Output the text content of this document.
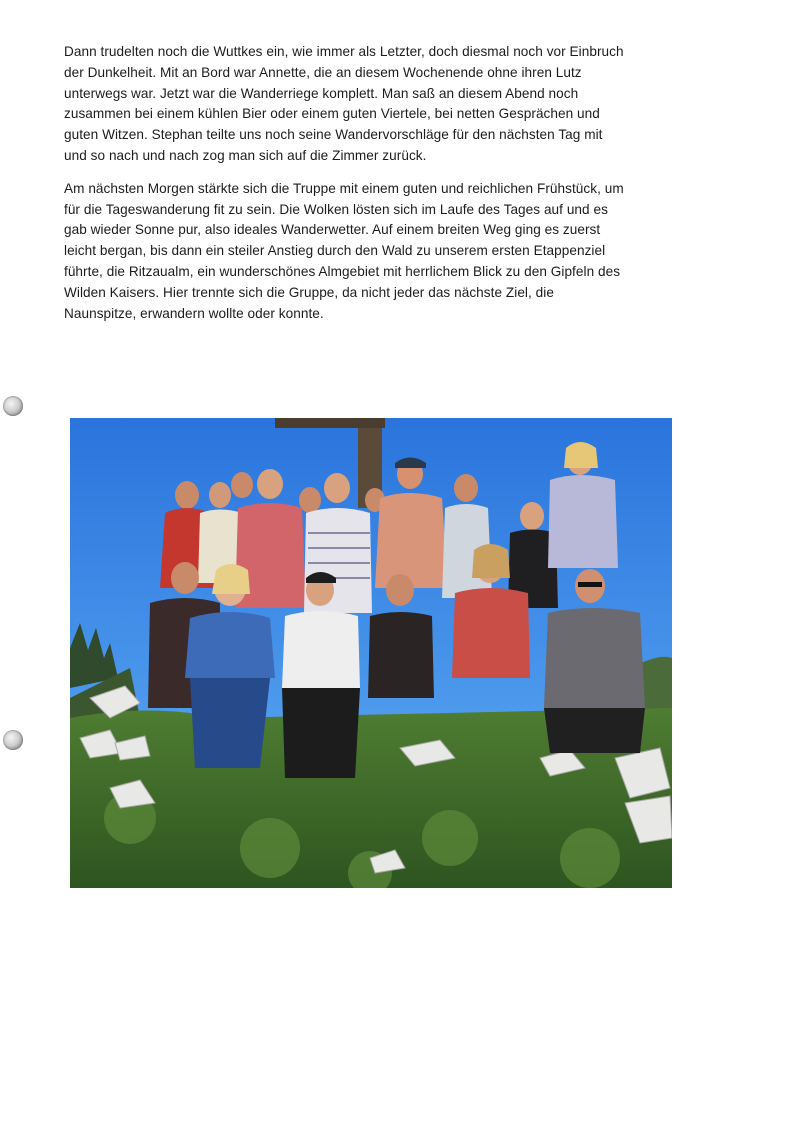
Dann trudelten noch die Wuttkes ein, wie immer als Letzter, doch diesmal noch vor Einbruch
der Dunkelheit. Mit an Bord war Annette, die an diesem Wochenende ohne ihren Lutz
unterwegs war. Jetzt war die Wanderriege komplett. Man saß an diesem Abend noch
zusammen bei einem kühlen Bier oder einem guten Viertele, bei netten Gesprächen und
guten Witzen. Stephan teilte uns noch seine Wandervorschläge für den nächsten Tag mit
und so nach und nach zog man sich auf die Zimmer zurück.

Am nächsten Morgen stärkte sich die Truppe mit einem guten und reichlichen Frühstück, um
für die Tageswanderung fit zu sein. Die Wolken lösten sich im Laufe des Tages auf und es
gab wieder Sonne pur, also ideales Wanderwetter. Auf einem breiten Weg ging es zuerst
leicht bergan, bis dann ein steiler Anstieg durch den Wald zu unserem ersten Etappenziel
führte, die Ritzaualm, ein wunderschönes Almgebiet mit herrlichem Blick zu den Gipfeln des
Wilden Kaisers. Hier trennte sich die Gruppe, da nicht jeder das nächste Ziel, die
Naunspitze, erwandern wollte oder konnte.
